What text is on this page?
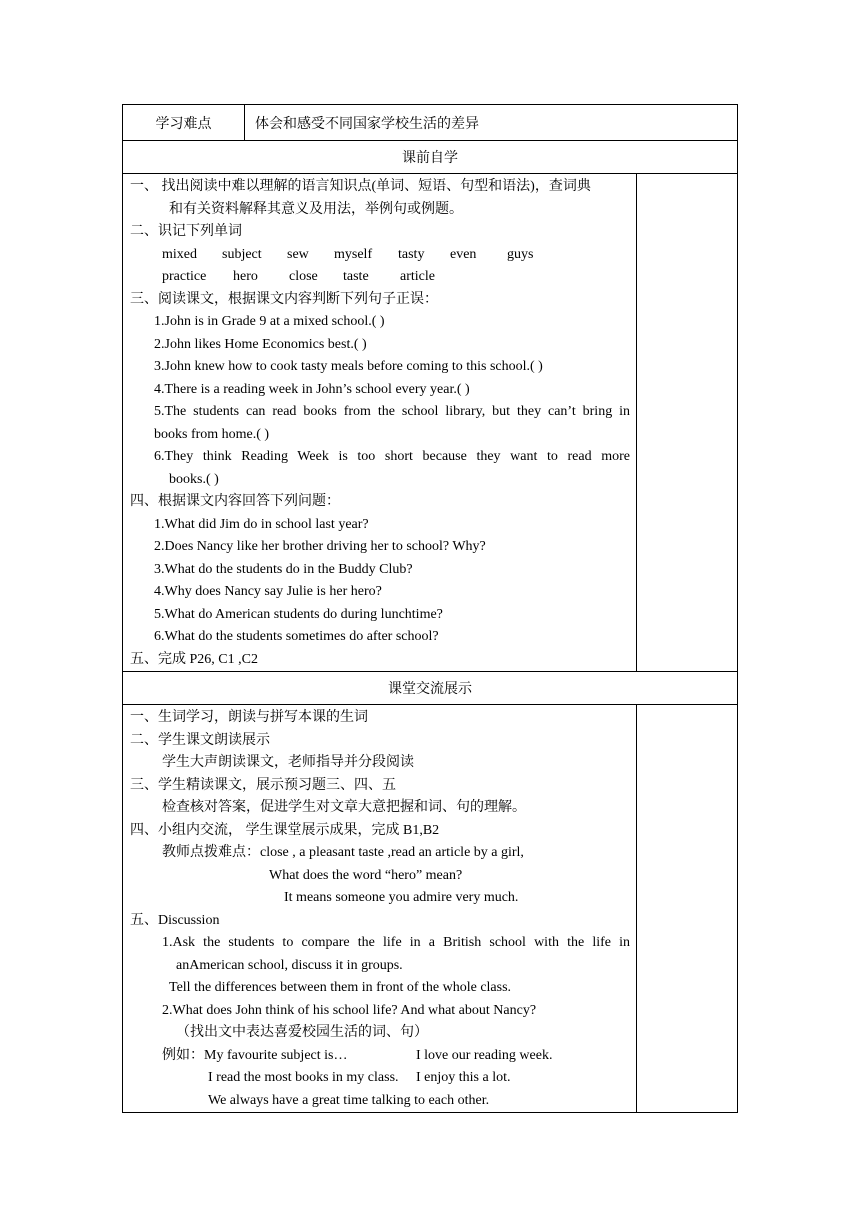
学习难点	体会和感受不同国家学校生活的差异
课前自学
一、 找出阅读中难以理解的语言知识点(单词、短语、句型和语法)，查词典
和有关资料解释其意义及用法，举例句或例题。
二、识记下列单词
mixed	subject	sew	myself	tasty	even	guys
practice	hero	close	taste	article
三、阅读课文，根据课文内容判断下列句子正误：
1.John is in Grade 9 at a mixed school.( )
2.John likes Home Economics best.( )
3.John knew how to cook tasty meals before coming to this school.( )
4.There is a reading week in John’s school every year.( )
5.The students can read books from the school library, but they can’t bring in
books from home.( )
6.They think Reading Week is too short because they want to read more
books.( )
四、根据课文内容回答下列问题：
1.What did Jim do in school last year?
2.Does Nancy like her brother driving her to school? Why?
3.What do the students do in the Buddy Club?
4.Why does Nancy say Julie is her hero?
5.What do American students do during lunchtime?
6.What do the students sometimes do after school?
五、完成 P26, C1 ,C2
课堂交流展示
一、生词学习，朗读与拼写本课的生词
二、学生课文朗读展示
学生大声朗读课文，老师指导并分段阅读
三、学生精读课文，展示预习题三、四、五
检查核对答案，促进学生对文章大意把握和词、句的理解。
四、小组内交流， 学生课堂展示成果，完成 B1,B2
教师点拨难点：close , a pleasant taste ,read an article by a girl,
What does the word “hero” mean?
It means someone you admire very much.
五、Discussion
1.Ask the students to compare the life in a British school with the life in
anAmerican school, discuss it in groups.
Tell the differences between them in front of the whole class.
2.What does John think of his school life? And what about Nancy?
（找出文中表达喜爱校园生活的词、句）
例如：My favourite subject is…	I love our reading week.
I read the most books in my class.	I enjoy this a lot.
We always have a great time talking to each other.
